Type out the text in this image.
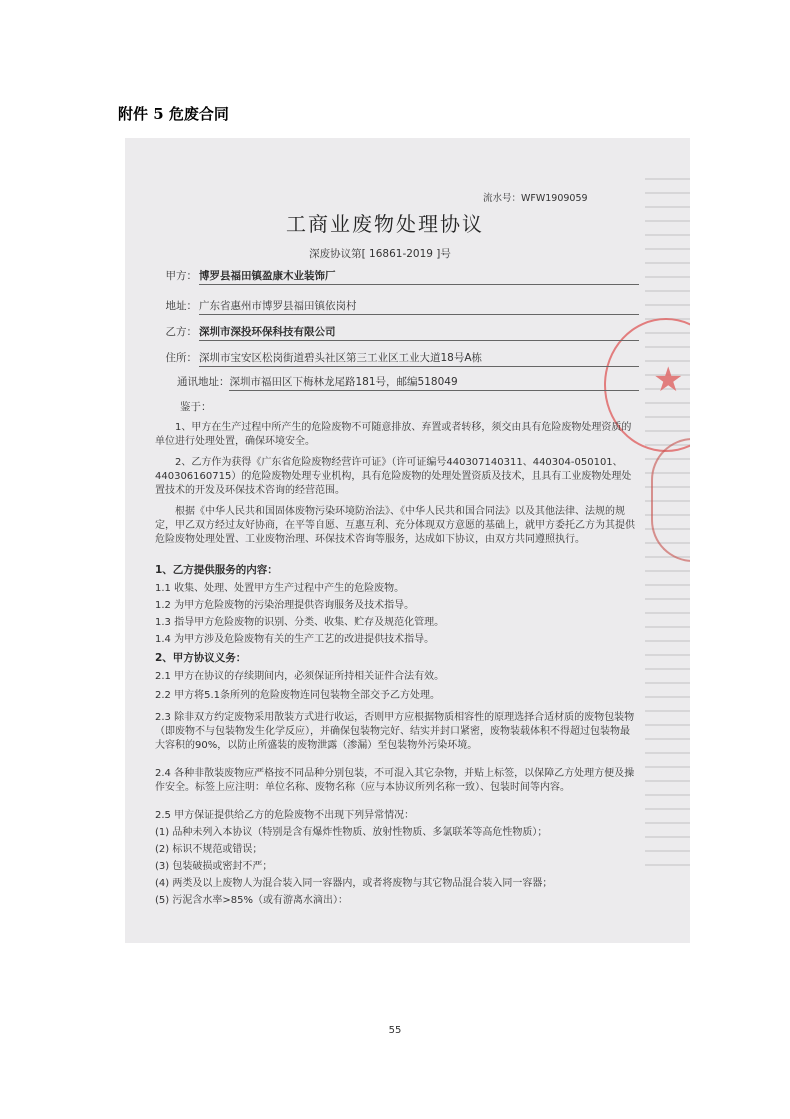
附件 5 危废合同
★
流水号：WFW1909059
工商业废物处理协议
深废协议第[ 16861-2019 ]号
甲方： 博罗县福田镇盈康木业装饰厂
地址： 广东省惠州市博罗县福田镇依岗村
乙方： 深圳市深投环保科技有限公司
住所： 深圳市宝安区松岗街道碧头社区第三工业区工业大道18号A栋
通讯地址：深圳市福田区下梅林龙尾路181号，邮编518049
鉴于：
1、甲方在生产过程中所产生的危险废物不可随意排放、弃置或者转移，须交由具有危险废物处理资质的单位进行处理处置，确保环境安全。
2、乙方作为获得《广东省危险废物经营许可证》（许可证编号440307140311、440304-050101、440306160715）的危险废物处理专业机构，具有危险废物的处理处置资质及技术，且具有工业废物处理处置技术的开发及环保技术咨询的经营范围。
根据《中华人民共和国固体废物污染环境防治法》、《中华人民共和国合同法》以及其他法律、法规的规定，甲乙双方经过友好协商，在平等自愿、互惠互利、充分体现双方意愿的基础上，就甲方委托乙方为其提供危险废物处理处置、工业废物治理、环保技术咨询等服务，达成如下协议，由双方共同遵照执行。
1、乙方提供服务的内容：
1.1 收集、处理、处置甲方生产过程中产生的危险废物。
1.2 为甲方危险废物的污染治理提供咨询服务及技术指导。
1.3 指导甲方危险废物的识别、分类、收集、贮存及规范化管理。
1.4 为甲方涉及危险废物有关的生产工艺的改进提供技术指导。
2、甲方协议义务：
2.1 甲方在协议的存续期间内，必须保证所持相关证件合法有效。
2.2 甲方将5.1条所列的危险废物连同包装物全部交予乙方处理。
2.3 除非双方约定废物采用散装方式进行收运，否则甲方应根据物质相容性的原理选择合适材质的废物包装物（即废物不与包装物发生化学反应），并确保包装物完好、结实并封口紧密，废物装载体积不得超过包装物最大容积的90%，以防止所盛装的废物泄露（渗漏）至包装物外污染环境。
2.4 各种非散装废物应严格按不同品种分别包装，不可混入其它杂物，并贴上标签，以保障乙方处理方便及操作安全。标签上应注明：单位名称、废物名称（应与本协议所列名称一致）、包装时间等内容。
2.5 甲方保证提供给乙方的危险废物不出现下列异常情况：
(1) 品种未列入本协议（特别是含有爆炸性物质、放射性物质、多氯联苯等高危性物质）；
(2) 标识不规范或错误；
(3) 包装破损或密封不严；
(4) 两类及以上废物人为混合装入同一容器内，或者将废物与其它物品混合装入同一容器；
(5) 污泥含水率>85%（或有游离水滴出）：
55
